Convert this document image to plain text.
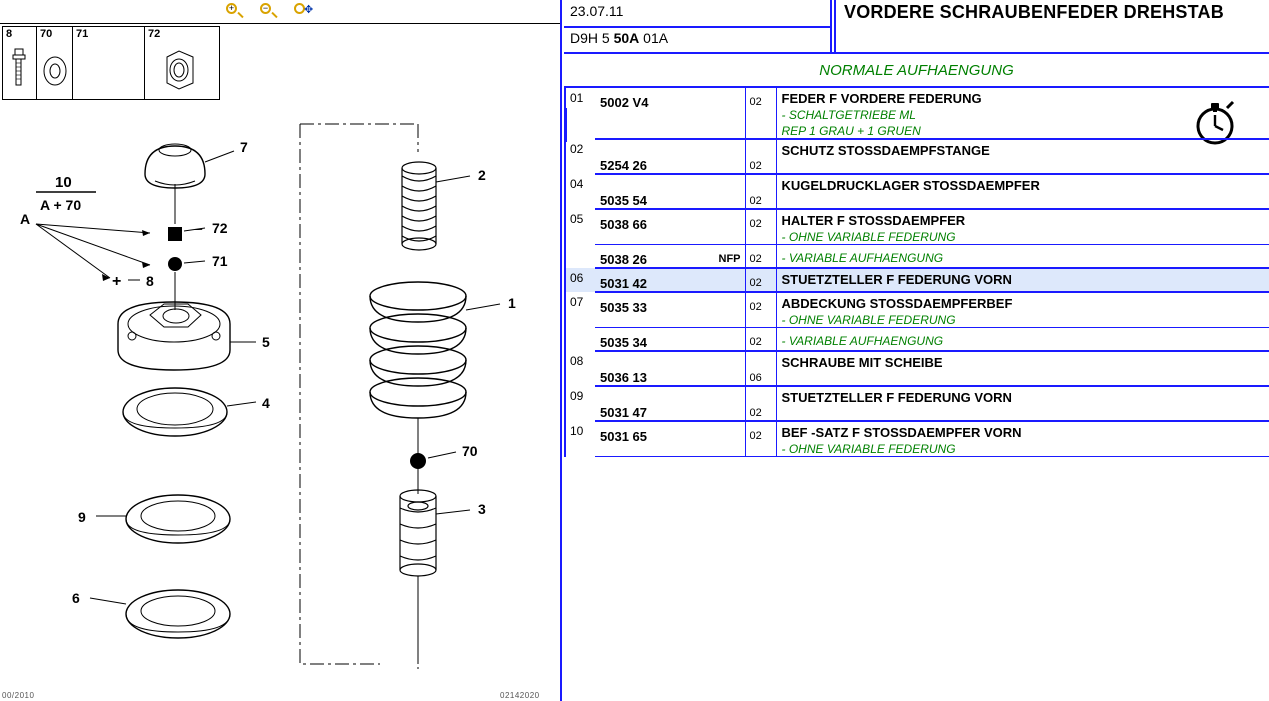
+	−	✥
8	70 71	72
10
A + 70
A
7
72
–
71
+ 8
5
4
9
6
2
1
70
3
00/2010	02142020
23.07.11
D9H 5 50A 01A
VORDERE SCHRAUBENFEDER DREHSTAB
NORMALE AUFHAENGUNG
01	5002 V4	02	FEDER F VORDERE FEDERUNG
- SCHALTGETRIEBE ML
REP 1 GRAU + 1 GRUEN

02	5254 26	02	SCHUTZ STOSSDAEMPFSTANGE

04	5035 54	02	KUGELDRUCKLAGER STOSSDAEMPFER

05	5038 66	02	HALTER F STOSSDAEMPFER
- OHNE VARIABLE FEDERUNG

	5038 26 NFP	02	- VARIABLE AUFHAENGUNG

06	5031 42	02	STUETZTELLER F FEDERUNG VORN

07	5035 33	02	ABDECKUNG STOSSDAEMPFERBEF
- OHNE VARIABLE FEDERUNG

	5035 34	02	- VARIABLE AUFHAENGUNG

08	5036 13	06	SCHRAUBE MIT SCHEIBE

09	5031 47	02	STUETZTELLER F FEDERUNG VORN

10	5031 65	02	BEF -SATZ F STOSSDAEMPFER VORN
- OHNE VARIABLE FEDERUNG
